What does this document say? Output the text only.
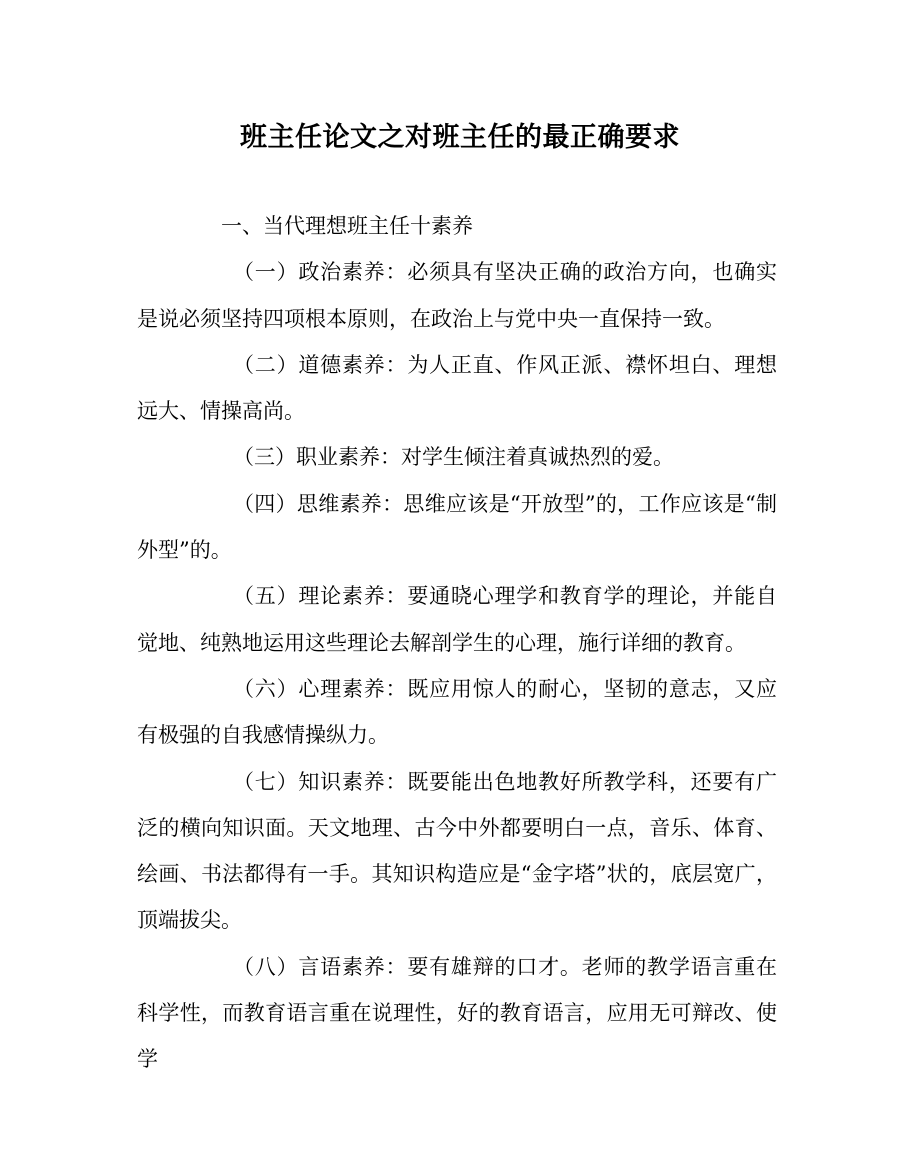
班主任论文之对班主任的最正确要求

一、当代理想班主任十素养

（一）政治素养：必须具有坚决正确的政治方向，也确实是说必须坚持四项根本原则，在政治上与党中央一直保持一致。

（二）道德素养：为人正直、作风正派、襟怀坦白、理想远大、情操高尚。

（三）职业素养：对学生倾注着真诚热烈的爱。

（四）思维素养：思维应该是“开放型”的，工作应该是“制外型”的。

（五）理论素养：要通晓心理学和教育学的理论，并能自觉地、纯熟地运用这些理论去解剖学生的心理，施行详细的教育。

（六）心理素养：既应用惊人的耐心，坚韧的意志，又应有极强的自我感情操纵力。

（七）知识素养：既要能出色地教好所教学科，还要有广泛的横向知识面。天文地理、古今中外都要明白一点，音乐、体育、绘画、书法都得有一手。其知识构造应是“金字塔”状的，底层宽广，顶端拔尖。

（八）言语素养：要有雄辩的口才。老师的教学语言重在科学性，而教育语言重在说理性，好的教育语言，应用无可辩改、使学
